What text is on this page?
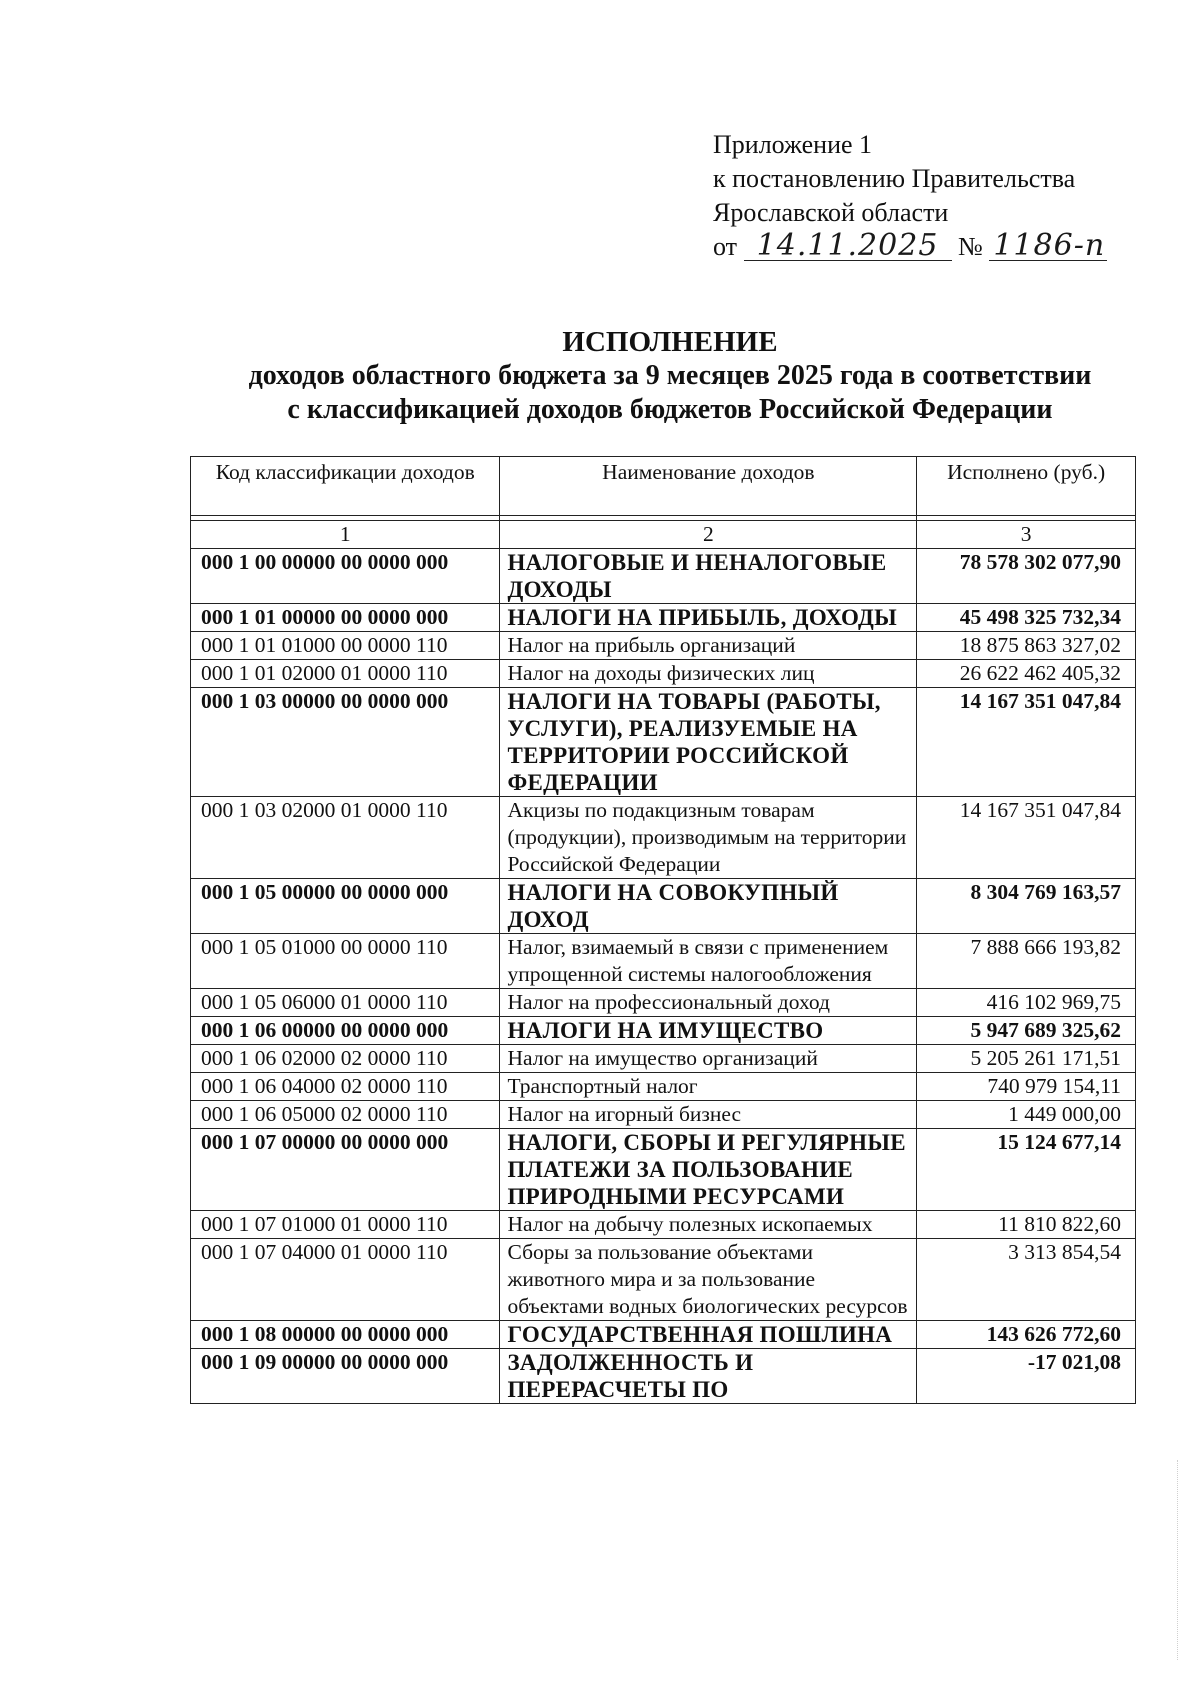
Приложение 1
к постановлению Правительства
Ярославской области
от 14.11.2025 № 1186-п
ИСПОЛНЕНИЕ
доходов областного бюджета за 9 месяцев 2025 года в соответствии
с классификацией доходов бюджетов Российской Федерации
Код классификации доходов	Наименование доходов	Исполнено (руб.)

1	2	3
000 1 00 00000 00 0000 000	НАЛОГОВЫЕ И НЕНАЛОГОВЫЕ ДОХОДЫ	78 578 302 077,90
000 1 01 00000 00 0000 000	НАЛОГИ НА ПРИБЫЛЬ, ДОХОДЫ	45 498 325 732,34
000 1 01 01000 00 0000 110	Налог на прибыль организаций	18 875 863 327,02
000 1 01 02000 01 0000 110	Налог на доходы физических лиц	26 622 462 405,32
000 1 03 00000 00 0000 000	НАЛОГИ НА ТОВАРЫ (РАБОТЫ, УСЛУГИ), РЕАЛИЗУЕМЫЕ НА ТЕРРИТОРИИ РОССИЙСКОЙ ФЕДЕРАЦИИ	14 167 351 047,84
000 1 03 02000 01 0000 110	Акцизы по подакцизным товарам (продукции), производимым на территории Российской Федерации	14 167 351 047,84
000 1 05 00000 00 0000 000	НАЛОГИ НА СОВОКУПНЫЙ ДОХОД	8 304 769 163,57
000 1 05 01000 00 0000 110	Налог, взимаемый в связи с применением упрощенной системы налогообложения	7 888 666 193,82
000 1 05 06000 01 0000 110	Налог на профессиональный доход	416 102 969,75
000 1 06 00000 00 0000 000	НАЛОГИ НА ИМУЩЕСТВО	5 947 689 325,62
000 1 06 02000 02 0000 110	Налог на имущество организаций	5 205 261 171,51
000 1 06 04000 02 0000 110	Транспортный налог	740 979 154,11
000 1 06 05000 02 0000 110	Налог на игорный бизнес	1 449 000,00
000 1 07 00000 00 0000 000	НАЛОГИ, СБОРЫ И РЕГУЛЯРНЫЕ ПЛАТЕЖИ ЗА ПОЛЬЗОВАНИЕ ПРИРОДНЫМИ РЕСУРСАМИ	15 124 677,14
000 1 07 01000 01 0000 110	Налог на добычу полезных ископаемых	11 810 822,60
000 1 07 04000 01 0000 110	Сборы за пользование объектами животного мира и за пользование объектами водных биологических ресурсов	3 313 854,54
000 1 08 00000 00 0000 000	ГОСУДАРСТВЕННАЯ ПОШЛИНА	143 626 772,60
000 1 09 00000 00 0000 000	ЗАДОЛЖЕННОСТЬ И ПЕРЕРАСЧЕТЫ ПО	-17 021,08
